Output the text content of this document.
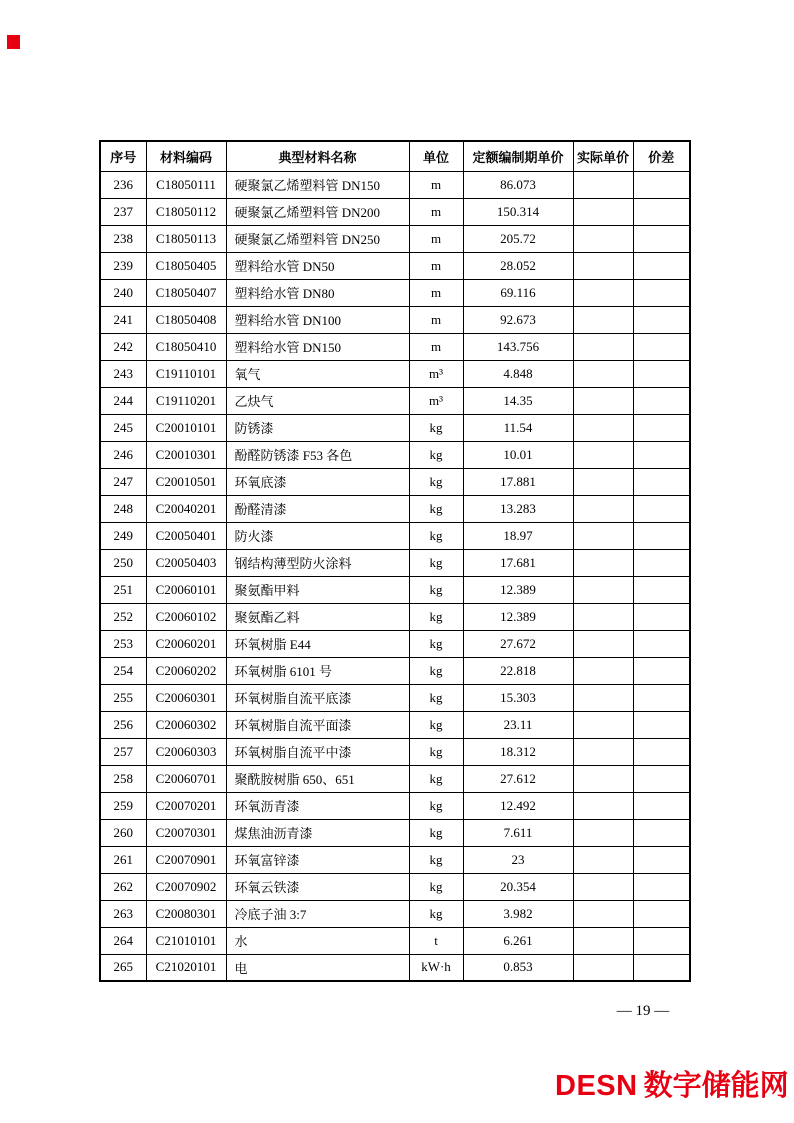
序号	材料编码	典型材料名称	单位	定额编制期单价	实际单价	价差
236	C18050111	硬聚氯乙烯塑料管 DN150	m	86.073		
237	C18050112	硬聚氯乙烯塑料管 DN200	m	150.314		
238	C18050113	硬聚氯乙烯塑料管 DN250	m	205.72		
239	C18050405	塑料给水管 DN50	m	28.052		
240	C18050407	塑料给水管 DN80	m	69.116		
241	C18050408	塑料给水管 DN100	m	92.673		
242	C18050410	塑料给水管 DN150	m	143.756		
243	C19110101	氧气	m³	4.848		
244	C19110201	乙炔气	m³	14.35		
245	C20010101	防锈漆	kg	11.54		
246	C20010301	酚醛防锈漆 F53 各色	kg	10.01		
247	C20010501	环氧底漆	kg	17.881		
248	C20040201	酚醛清漆	kg	13.283		
249	C20050401	防火漆	kg	18.97		
250	C20050403	钢结构薄型防火涂料	kg	17.681		
251	C20060101	聚氨酯甲料	kg	12.389		
252	C20060102	聚氨酯乙料	kg	12.389		
253	C20060201	环氧树脂 E44	kg	27.672		
254	C20060202	环氧树脂 6101 号	kg	22.818		
255	C20060301	环氧树脂自流平底漆	kg	15.303		
256	C20060302	环氧树脂自流平面漆	kg	23.11		
257	C20060303	环氧树脂自流平中漆	kg	18.312		
258	C20060701	聚酰胺树脂 650、651	kg	27.612		
259	C20070201	环氧沥青漆	kg	12.492		
260	C20070301	煤焦油沥青漆	kg	7.611		
261	C20070901	环氧富锌漆	kg	23		
262	C20070902	环氧云铁漆	kg	20.354		
263	C20080301	冷底子油 3:7	kg	3.982		
264	C21010101	水	t	6.261		
265	C21020101	电	kW·h	0.853		
— 19 —
DESN 数字储能网
